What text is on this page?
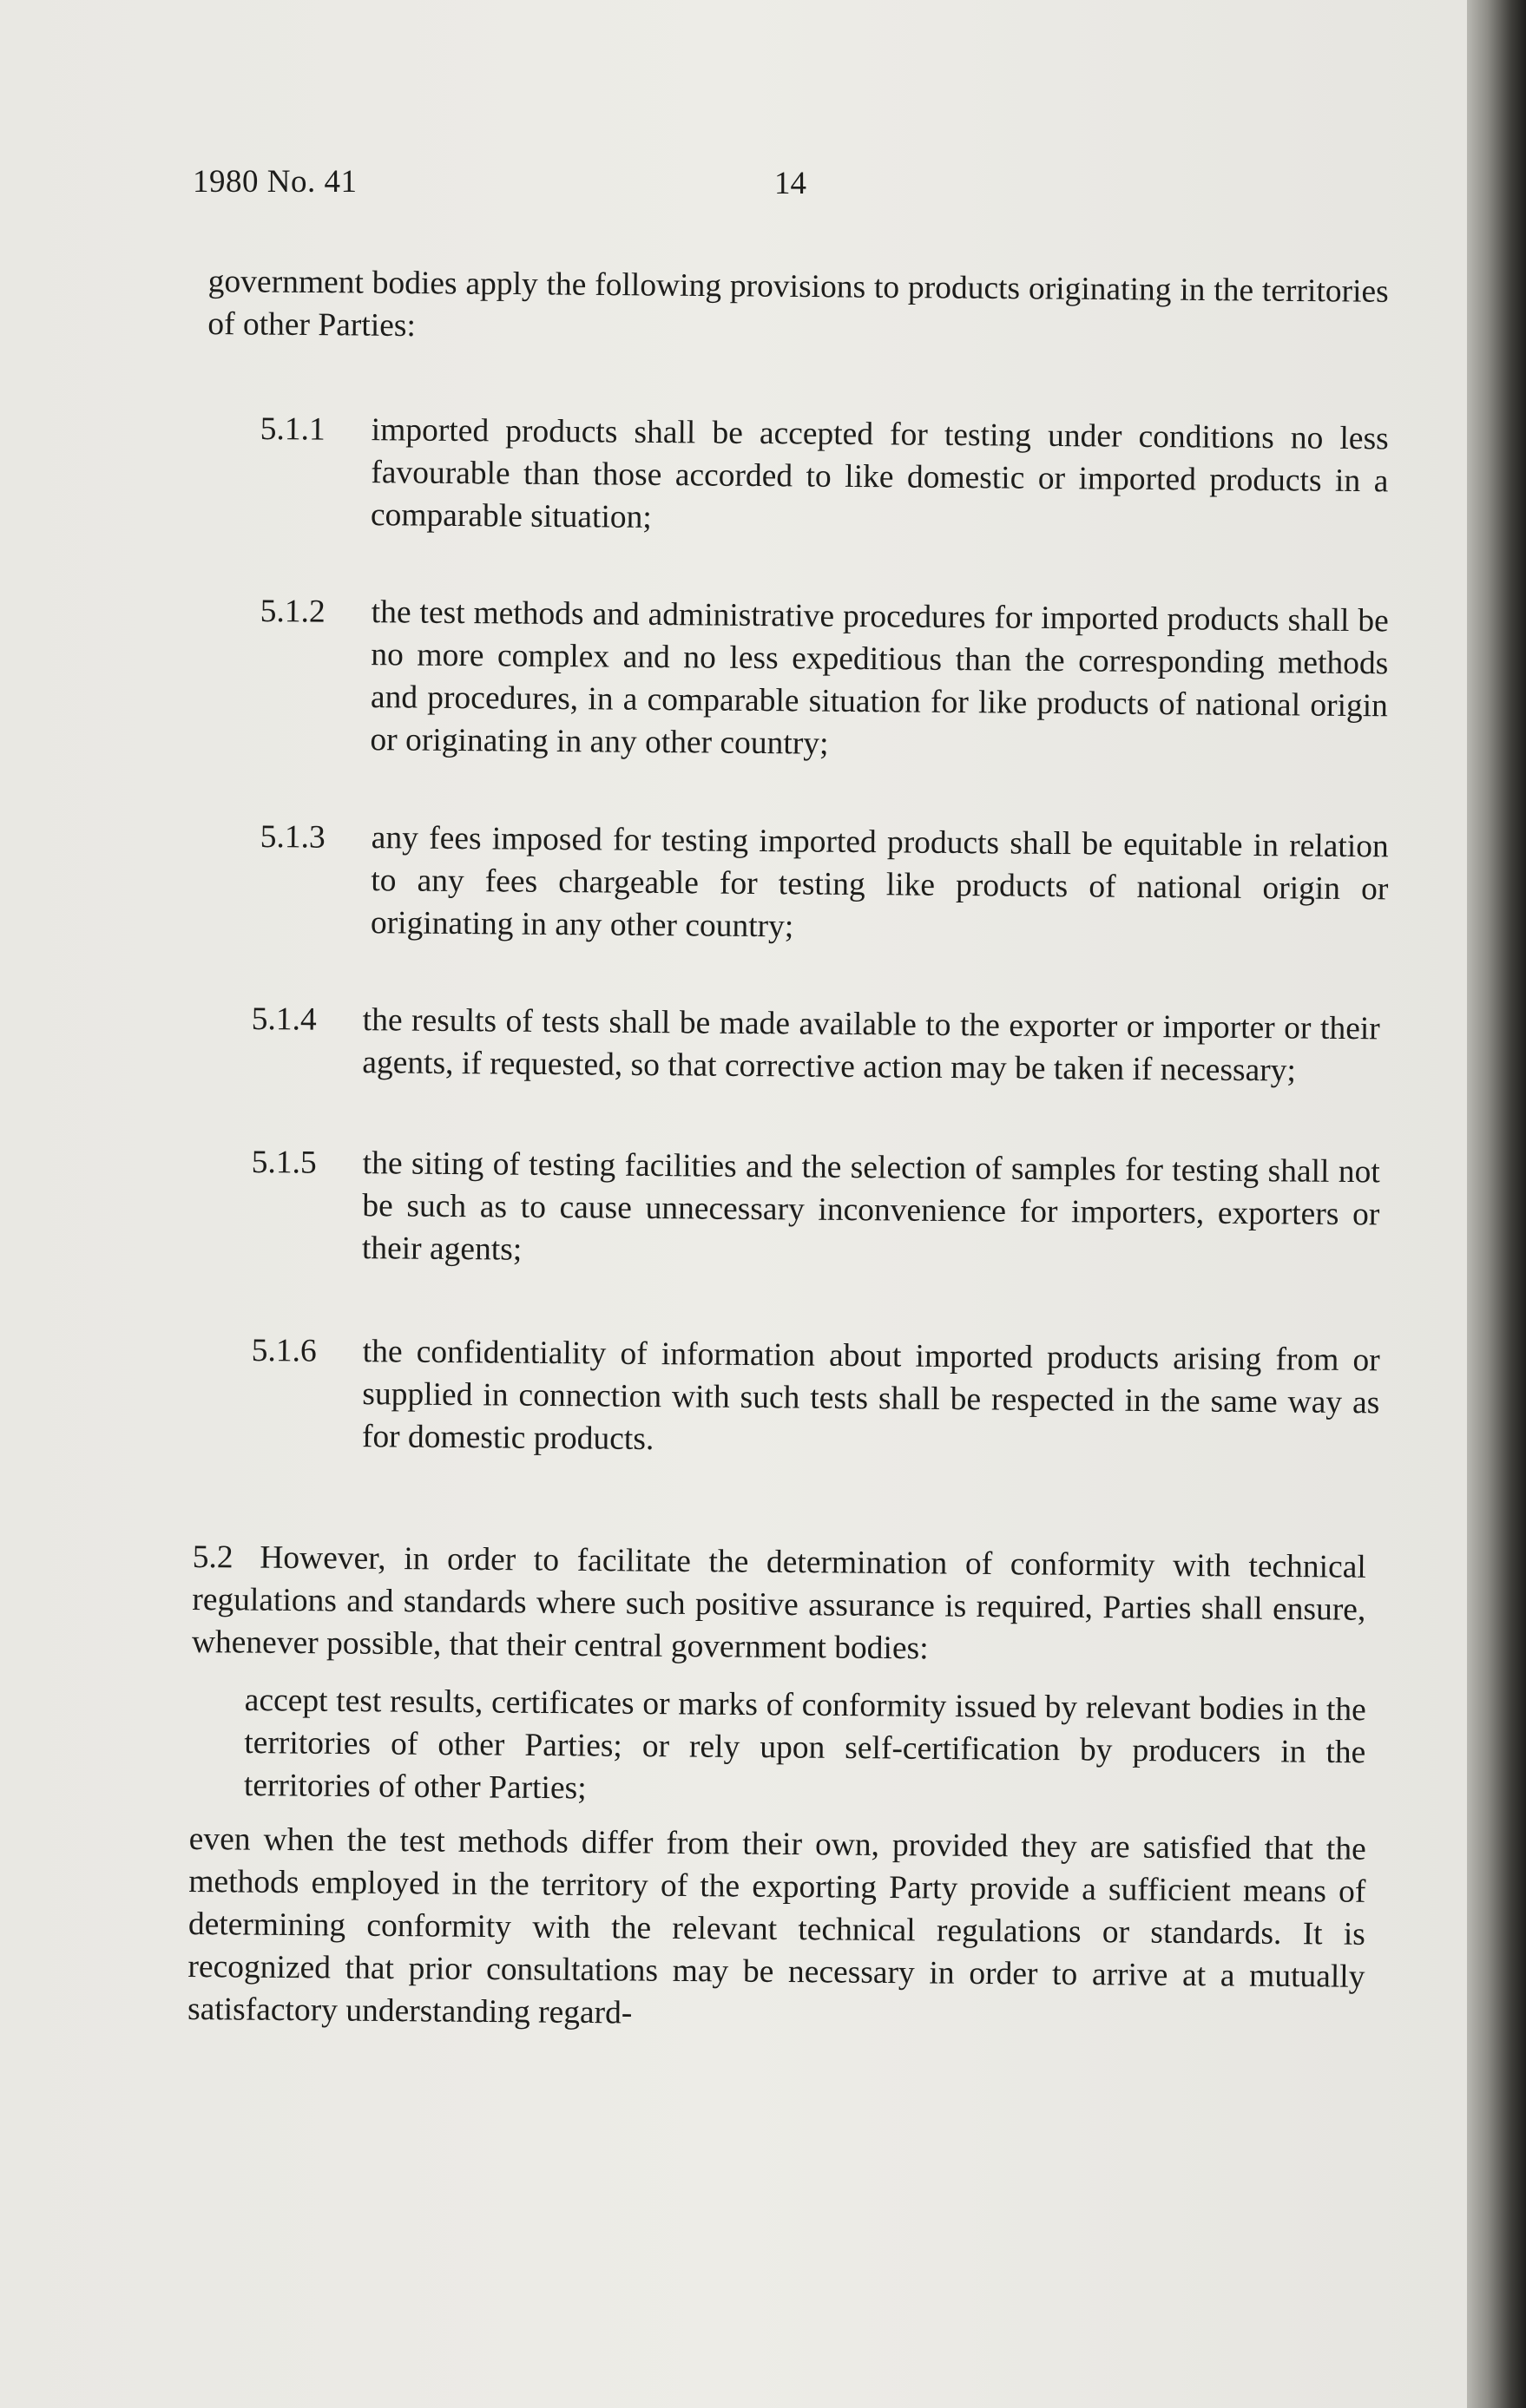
1980 No. 41	14
government bodies apply the following provisions to products originating in the territories of other Parties:
5.1.1	imported products shall be accepted for testing under conditions no less favourable than those accorded to like domestic or imported products in a comparable situation;
5.1.2	the test methods and administrative procedures for imported products shall be no more complex and no less expeditious than the corresponding methods and procedures, in a comparable situation for like products of national origin or originating in any other country;
5.1.3	any fees imposed for testing imported products shall be equitable in relation to any fees chargeable for testing like products of national origin or originating in any other country;
5.1.4	the results of tests shall be made available to the exporter or importer or their agents, if requested, so that corrective action may be taken if necessary;
5.1.5	the siting of testing facilities and the selection of samples for testing shall not be such as to cause unnecessary inconvenience for importers, exporters or their agents;
5.1.6	the confidentiality of information about imported products arising from or supplied in connection with such tests shall be respected in the same way as for domestic products.
5.2 However, in order to facilitate the determination of conformity with technical regulations and standards where such positive assurance is required, Parties shall ensure, whenever possible, that their central government bodies:
accept test results, certificates or marks of conformity issued by relevant bodies in the territories of other Parties; or rely upon self-certification by producers in the territories of other Parties;
even when the test methods differ from their own, provided they are satisfied that the methods employed in the territory of the exporting Party provide a sufficient means of determining conformity with the relevant technical regulations or standards. It is recognized that prior consultations may be necessary in order to arrive at a mutually satisfactory understanding regard-
